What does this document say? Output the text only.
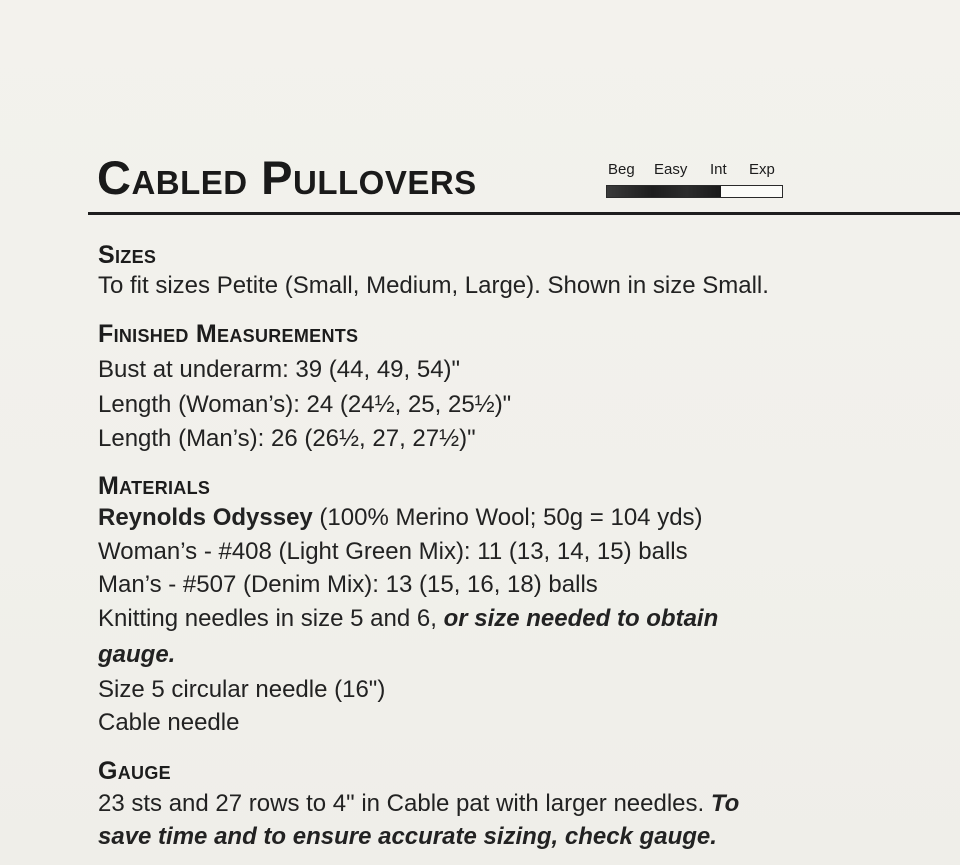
Cabled Pullovers	Beg Easy Int Exp
Sizes

To fit sizes Petite (Small, Medium, Large). Shown in size Small.

Finished Measurements

Bust at underarm: 39 (44, 49, 54)"

Length (Woman’s): 24 (24½, 25, 25½)"

Length (Man’s): 26 (26½, 27, 27½)"

Materials

Reynolds Odyssey (100% Merino Wool; 50g = 104 yds)

Woman’s - #408 (Light Green Mix): 11 (13, 14, 15) balls

Man’s - #507 (Denim Mix): 13 (15, 16, 18) balls

Knitting needles in size 5 and 6, or size needed to obtain

gauge.

Size 5 circular needle (16")

Cable needle

Gauge

23 sts and 27 rows to 4" in Cable pat with larger needles. To

save time and to ensure accurate sizing, check gauge.
